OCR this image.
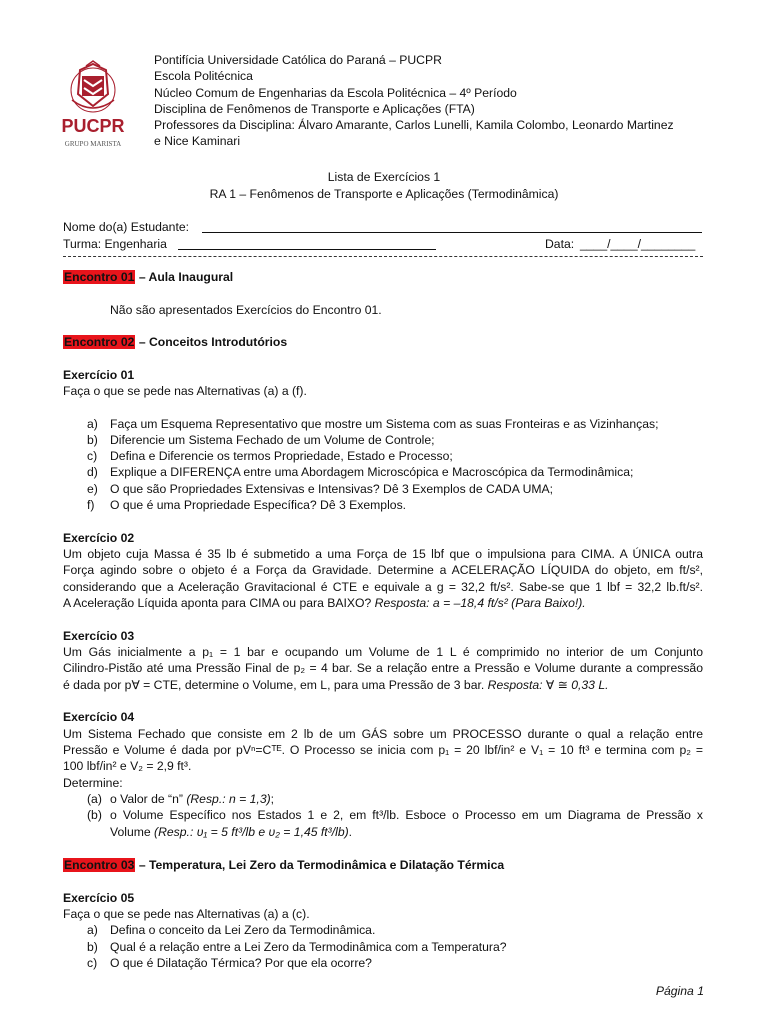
PUCPR
GRUPO MARISTA
Pontifícia Universidade Católica do Paraná – PUCPR
Escola Politécnica
Núcleo Comum de Engenharias da Escola Politécnica – 4º Período
Disciplina de Fenômenos de Transporte e Aplicações (FTA)
Professores da Disciplina: Álvaro Amarante, Carlos Lunelli, Kamila Colombo, Leonardo Martinez
e Nice Kaminari
Lista de Exercícios 1
RA 1 – Fenômenos de Transporte e Aplicações (Termodinâmica)
Nome do(a) Estudante:
Turma: Engenharia	Data: ____/____/________
Encontro 01 – Aula Inaugural
Não são apresentados Exercícios do Encontro 01.
Encontro 02 – Conceitos Introdutórios
Exercício 01
Faça o que se pede nas Alternativas (a) a (f).
a) Faça um Esquema Representativo que mostre um Sistema com as suas Fronteiras e as Vizinhanças;
b) Diferencie um Sistema Fechado de um Volume de Controle;
c) Defina e Diferencie os termos Propriedade, Estado e Processo;
d) Explique a DIFERENÇA entre uma Abordagem Microscópica e Macroscópica da Termodinâmica;
e) O que são Propriedades Extensivas e Intensivas? Dê 3 Exemplos de CADA UMA;
f) O que é uma Propriedade Específica? Dê 3 Exemplos.
Exercício 02
Um objeto cuja Massa é 35 lb é submetido a uma Força de 15 lbf que o impulsiona para CIMA. A ÚNICA outra
Força agindo sobre o objeto é a Força da Gravidade. Determine a ACELERAÇÃO LÍQUIDA do objeto, em ft/s²,
considerando que a Aceleração Gravitacional é CTE e equivale a g = 32,2 ft/s². Sabe-se que 1 lbf = 32,2 lb.ft/s².
A Aceleração Líquida aponta para CIMA ou para BAIXO? Resposta: a = –18,4 ft/s² (Para Baixo!).
Exercício 03
Um Gás inicialmente a p₁ = 1 bar e ocupando um Volume de 1 L é comprimido no interior de um Conjunto
Cilindro-Pistão até uma Pressão Final de p₂ = 4 bar. Se a relação entre a Pressão e Volume durante a compressão
é dada por p∀ = CTE, determine o Volume, em L, para uma Pressão de 3 bar. Resposta: ∀ ≅ 0,33 L.
Exercício 04
Um Sistema Fechado que consiste em 2 lb de um GÁS sobre um PROCESSO durante o qual a relação entre
Pressão e Volume é dada por pVⁿ=Cᵀᴱ. O Processo se inicia com p₁ = 20 lbf/in² e V₁ = 10 ft³ e termina com p₂ =
100 lbf/in² e V₂ = 2,9 ft³.
Determine:
(a) o Valor de “n” (Resp.: n = 1,3);
(b) o Volume Específico nos Estados 1 e 2, em ft³/lb. Esboce o Processo em um Diagrama de Pressão x
Volume (Resp.: υ₁ = 5 ft³/lb e υ₂ = 1,45 ft³/lb).
Encontro 03 – Temperatura, Lei Zero da Termodinâmica e Dilatação Térmica
Exercício 05
Faça o que se pede nas Alternativas (a) a (c).
a) Defina o conceito da Lei Zero da Termodinâmica.
b) Qual é a relação entre a Lei Zero da Termodinâmica com a Temperatura?
c) O que é Dilatação Térmica? Por que ela ocorre?
Página 1
